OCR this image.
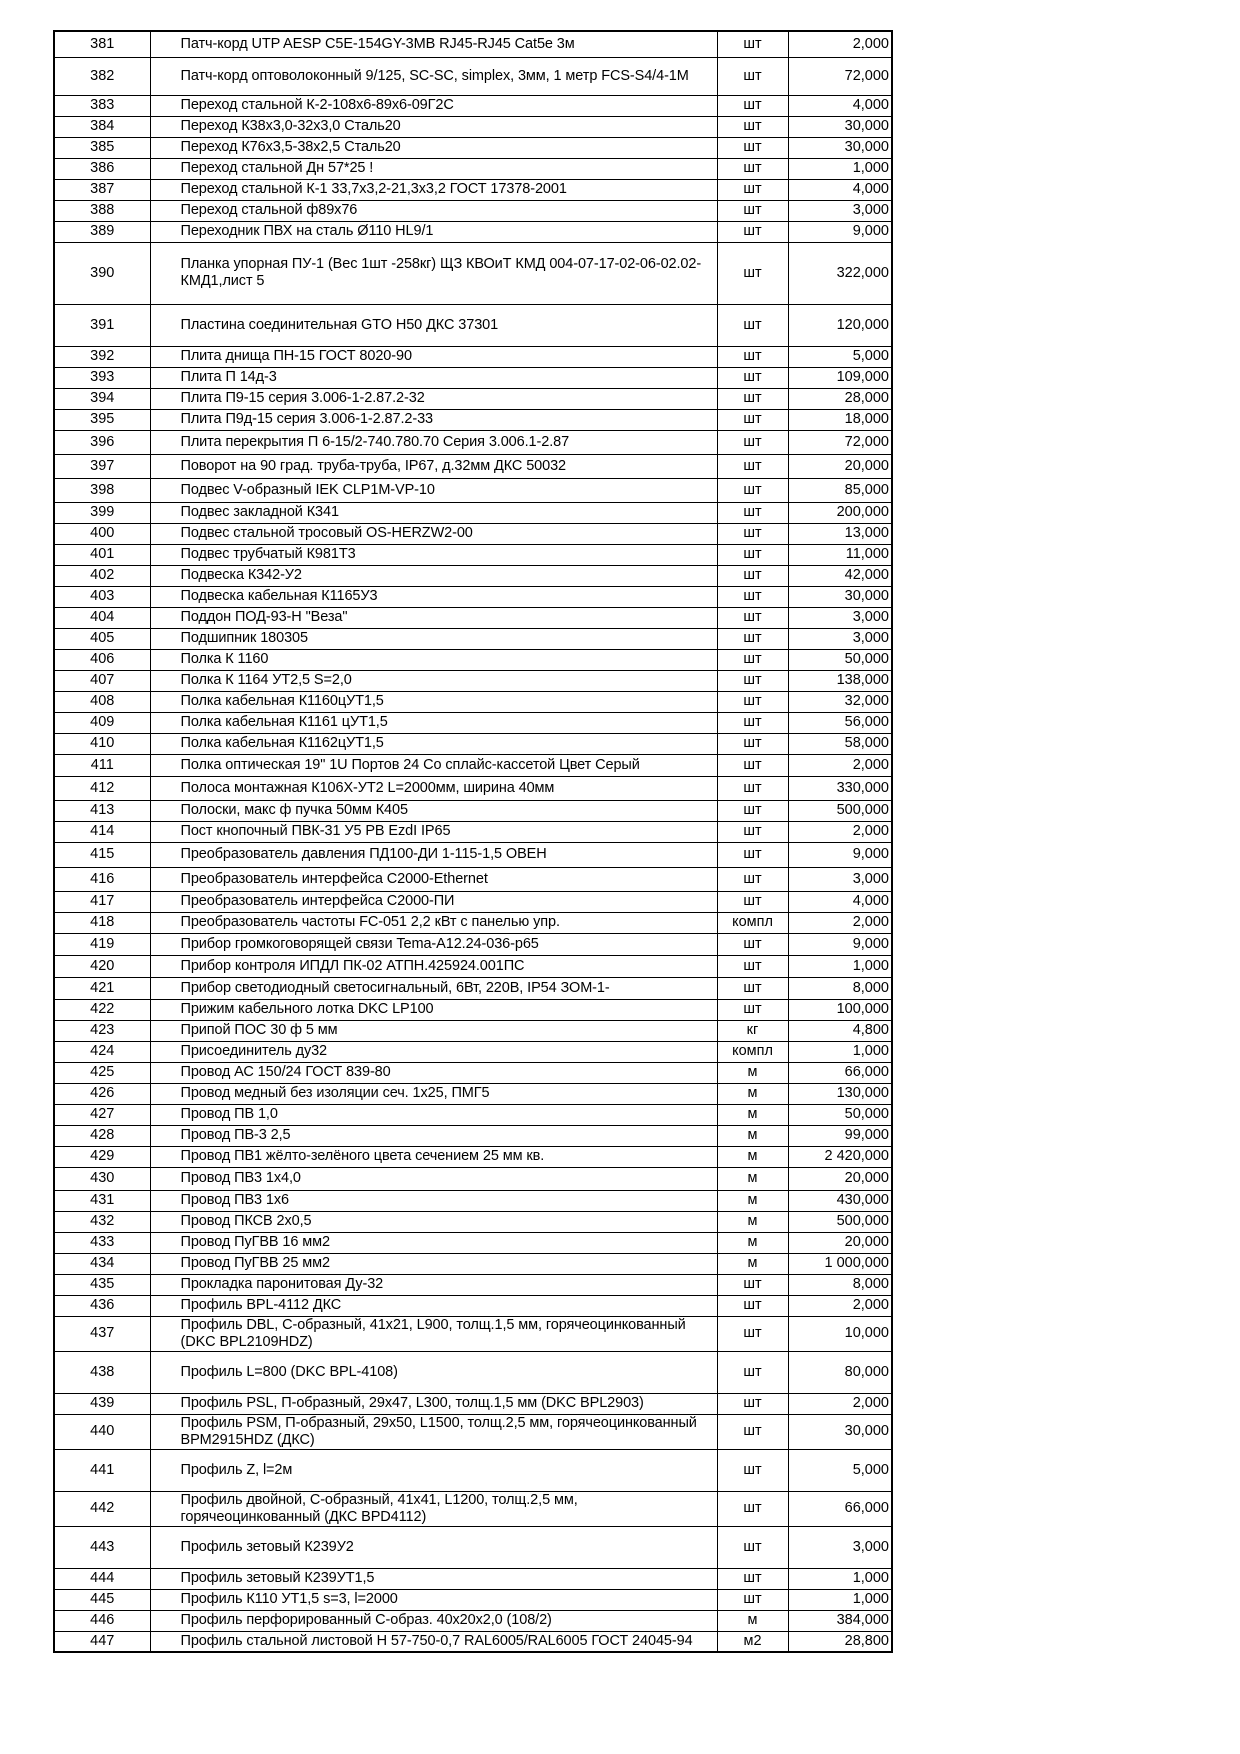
381	Патч-корд UTP AESP C5E-154GY-3MB RJ45-RJ45 Cat5e 3м	шт	2,000
382	Патч-корд оптоволоконный 9/125, SC-SC, simplex, 3мм, 1 метр FCS-S4/4-1M	шт	72,000
383	Переход стальной К-2-108х6-89х6-09Г2С	шт	4,000
384	Переход К38х3,0-32х3,0 Сталь20	шт	30,000
385	Переход К76х3,5-38х2,5 Сталь20	шт	30,000
386	Переход стальной Дн 57*25 !	шт	1,000
387	Переход стальной К-1 33,7х3,2-21,3х3,2 ГОСТ 17378-2001	шт	4,000
388	Переход стальной ф89х76	шт	3,000
389	Переходник ПВХ на сталь Ø110 HL9/1	шт	9,000
390	Планка упорная ПУ-1 (Вес 1шт -258кг) ЩЗ КВОиТ КМД 004-07-17-02-06-02.02-КМД1,лист 5	шт	322,000
391	Пластина соединительная GTO H50 ДКС 37301	шт	120,000
392	Плита днища ПН-15 ГОСТ 8020-90	шт	5,000
393	Плита П 14д-3	шт	109,000
394	Плита П9-15 серия 3.006-1-2.87.2-32	шт	28,000
395	Плита П9д-15 серия 3.006-1-2.87.2-33	шт	18,000
396	Плита перекрытия П 6-15/2-740.780.70 Серия 3.006.1-2.87	шт	72,000
397	Поворот на 90 град. труба-труба, IP67, д.32мм ДКС 50032	шт	20,000
398	Подвес V-образный IEK CLP1M-VP-10	шт	85,000
399	Подвес закладной К341	шт	200,000
400	Подвес стальной тросовый OS-HERZW2-00	шт	13,000
401	Подвес трубчатый К981Т3	шт	11,000
402	Подвеска К342-У2	шт	42,000
403	Подвеска кабельная К1165У3	шт	30,000
404	Поддон ПОД-93-Н "Веза"	шт	3,000
405	Подшипник 180305	шт	3,000
406	Полка К 1160	шт	50,000
407	Полка К 1164 УТ2,5 S=2,0	шт	138,000
408	Полка кабельная К1160цУТ1,5	шт	32,000
409	Полка кабельная К1161 цУТ1,5	шт	56,000
410	Полка кабельная К1162цУТ1,5	шт	58,000
411	Полка оптическая 19" 1U Портов 24 Со сплайс-кассетой Цвет Серый	шт	2,000
412	Полоса монтажная К106Х-УТ2 L=2000мм, ширина 40мм	шт	330,000
413	Полоски, макс ф пучка 50мм К405	шт	500,000
414	Пост кнопочный ПВК-31 У5 РВ EzdI IP65	шт	2,000
415	Преобразователь давления ПД100-ДИ 1-115-1,5 ОВЕН	шт	9,000
416	Преобразователь интерфейса С2000-Ethernet	шт	3,000
417	Преобразователь интерфейса С2000-ПИ	шт	4,000
418	Преобразователь частоты FC-051 2,2 кВт с панелью упр.	компл	2,000
419	Прибор громкоговорящей связи Tema-A12.24-036-p65	шт	9,000
420	Прибор контроля ИПДЛ ПК-02 АТПН.425924.001ПС	шт	1,000
421	Прибор светодиодный светосигнальный, 6Вт, 220В, IP54 ЗОМ-1-	шт	8,000
422	Прижим кабельного лотка DKC LP100	шт	100,000
423	Припой ПОС 30 ф 5 мм	кг	4,800
424	Присоединитель ду32	компл	1,000
425	Провод АС 150/24 ГОСТ 839-80	м	66,000
426	Провод медный без изоляции сеч. 1х25, ПМГ5	м	130,000
427	Провод ПВ 1,0	м	50,000
428	Провод ПВ-3 2,5	м	99,000
429	Провод ПВ1 жёлто-зелёного цвета сечением 25 мм кв.	м	2 420,000
430	Провод ПВ3 1х4,0	м	20,000
431	Провод ПВ3 1х6	м	430,000
432	Провод ПКСВ 2х0,5	м	500,000
433	Провод ПуГВВ 16 мм2	м	20,000
434	Провод ПуГВВ 25 мм2	м	1 000,000
435	Прокладка паронитовая Ду-32	шт	8,000
436	Профиль BPL-4112 ДКС	шт	2,000
437	Профиль DBL, С-образный, 41х21, L900, толщ.1,5 мм, горячеоцинкованный (DKC BPL2109HDZ)	шт	10,000
438	Профиль L=800 (DKC BPL-4108)	шт	80,000
439	Профиль PSL, П-образный, 29х47, L300, толщ.1,5 мм (DKC BPL2903)	шт	2,000
440	Профиль PSM, П-образный, 29х50, L1500, толщ.2,5 мм, горячеоцинкованный BPM2915HDZ (ДКС)	шт	30,000
441	Профиль Z, l=2м	шт	5,000
442	Профиль двойной, С-образный, 41х41, L1200, толщ.2,5 мм, горячеоцинкованный (ДКС BPD4112)	шт	66,000
443	Профиль зетовый К239У2	шт	3,000
444	Профиль зетовый К239УТ1,5	шт	1,000
445	Профиль К110 УТ1,5 s=3, l=2000	шт	1,000
446	Профиль перфорированный С-образ. 40х20х2,0 (108/2)	м	384,000
447	Профиль стальной листовой Н 57-750-0,7 RAL6005/RAL6005 ГОСТ 24045-94	м2	28,800
